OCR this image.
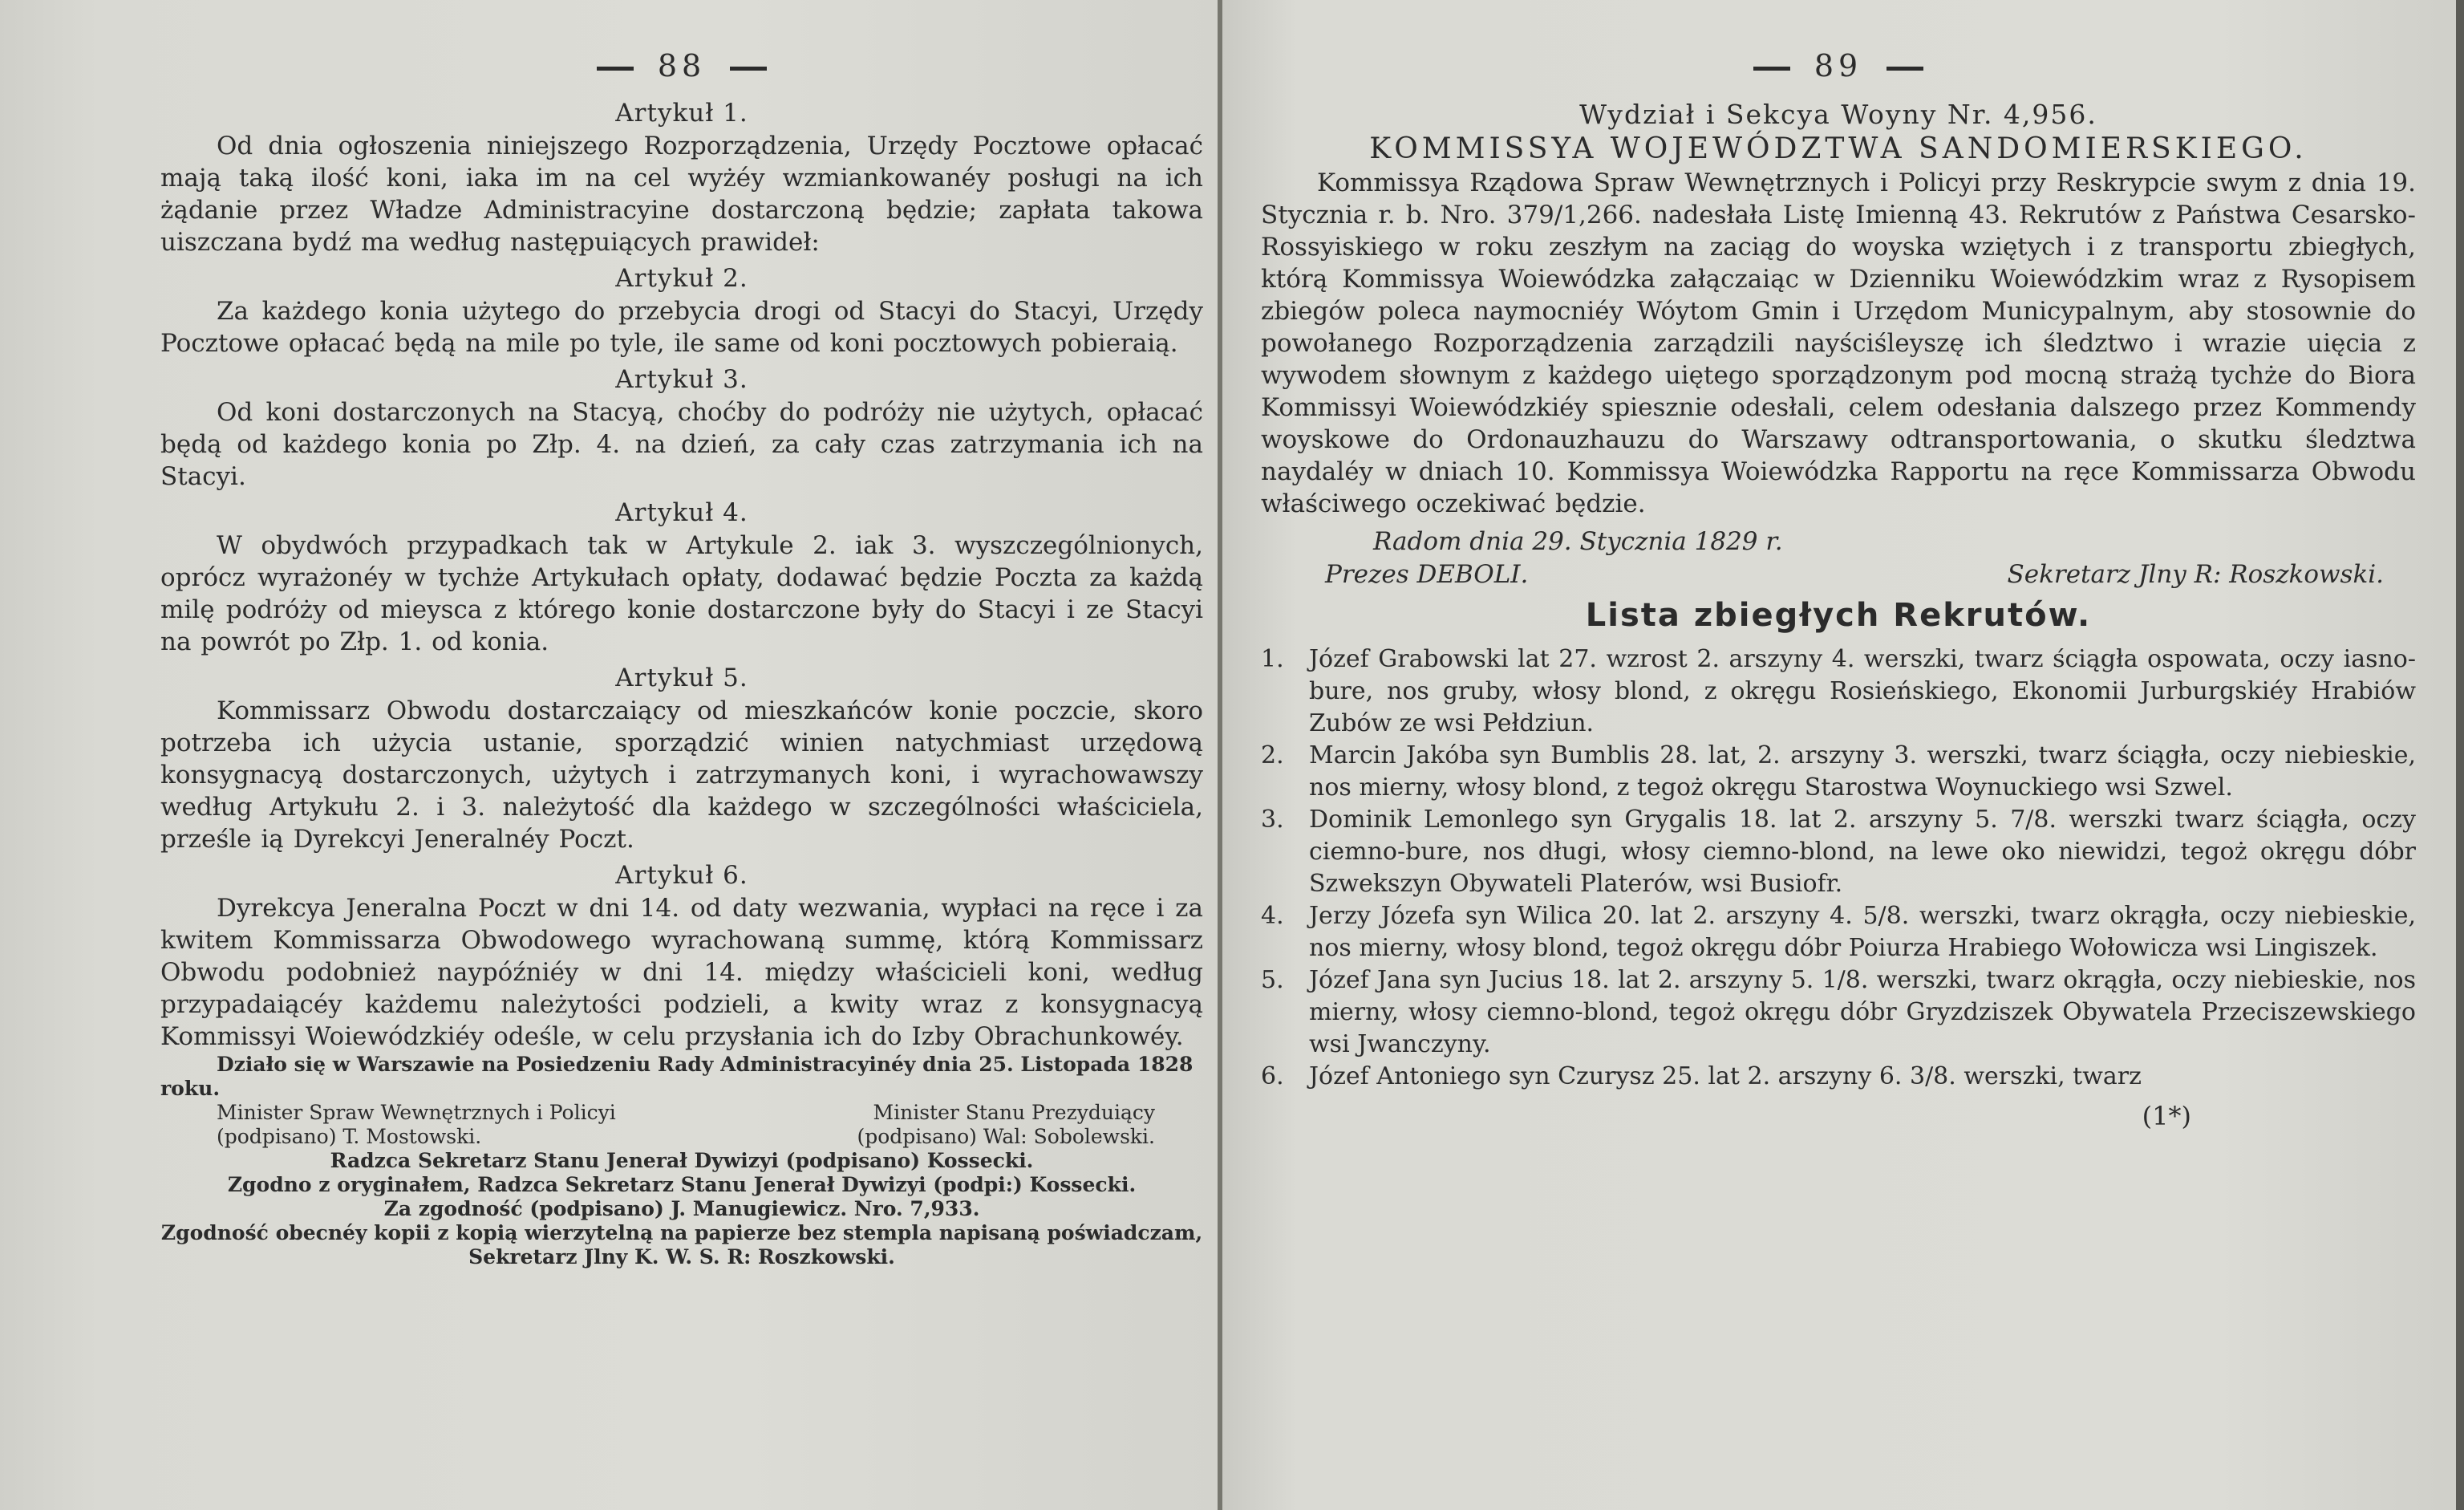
88
Artykuł 1.

Od dnia ogłoszenia niniejszego Rozporządzenia, Urzędy Pocztowe opłacać mają taką ilość koni, iaka im na cel wyżéy wzmiankowanéy posługi na ich żądanie przez Władze Administracyine dostarczoną będzie; zapłata takowa uiszczana bydź ma według następuiących prawideł:

Artykuł 2.

Za każdego konia użytego do przebycia drogi od Stacyi do Stacyi, Urzędy Pocztowe opłacać będą na mile po tyle, ile same od koni pocztowych pobieraią.

Artykuł 3.

Od koni dostarczonych na Stacyą, choćby do podróży nie użytych, opłacać będą od każdego konia po Złp. 4. na dzień, za cały czas zatrzymania ich na Stacyi.

Artykuł 4.

W obydwóch przypadkach tak w Artykule 2. iak 3. wyszczególnionych, oprócz wyrażonéy w tychże Artykułach opłaty, dodawać będzie Poczta za każdą milę podróży od mieysca z którego konie dostarczone były do Stacyi i ze Stacyi na powrót po Złp. 1. od konia.

Artykuł 5.

Kommissarz Obwodu dostarczaiący od mieszkańców konie poczcie, skoro potrzeba ich użycia ustanie, sporządzić winien natychmiast urzędową konsygnacyą dostarczonych, użytych i zatrzymanych koni, i wyrachowawszy według Artykułu 2. i 3. należytość dla każdego w szczególności właściciela, prześle ią Dyrekcyi Jeneralnéy Poczt.

Artykuł 6.

Dyrekcya Jeneralna Poczt w dni 14. od daty wezwania, wypłaci na ręce i za kwitem Kommissarza Obwodowego wyrachowaną summę, którą Kommissarz Obwodu podobnież naypóźniéy w dni 14. między właścicieli koni, według przypadaiącéy każdemu należytości podzieli, a kwity wraz z konsygnacyą Kommissyi Woiewódzkiéy odeśle, w celu przysłania ich do Izby Obrachunkowéy.

Działo się w Warszawie na Posiedzeniu Rady Administracyinéy dnia 25. Listopada 1828 roku.
Minister Spraw Wewnętrznych i Policyi	Minister Stanu Prezyduiący
(podpisano) T. Mostowski.	(podpisano) Wal: Sobolewski.
Radzca Sekretarz Stanu Jenerał Dywizyi (podpisano) Kossecki.
Zgodno z oryginałem, Radzca Sekretarz Stanu Jenerał Dywizyi (podpi:) Kossecki.
Za zgodność (podpisano) J. Manugiewicz. Nro. 7,933.
Zgodność obecnéy kopii z kopią wierzytelną na papierze bez stempla napisaną poświadczam, Sekretarz Jlny K. W. S. R: Roszkowski.
89
Wydział i Sekcya Woyny Nr. 4,956.
KOMMISSYA WOJEWÓDZTWA SANDOMIERSKIEGO.

Kommissya Rządowa Spraw Wewnętrznych i Policyi przy Reskrypcie swym z dnia 19. Stycznia r. b. Nro. 379/1,266. nadesłała Listę Imienną 43. Rekrutów z Państwa Cesarsko-Rossyiskiego w roku zeszłym na zaciąg do woyska wziętych i z transportu zbiegłych, którą Kommissya Woiewódzka załączaiąc w Dzienniku Woiewódzkim wraz z Rysopisem zbiegów poleca naymocniéy Wóytom Gmin i Urzędom Municypalnym, aby stosownie do powołanego Rozporządzenia zarządzili nayściśleyszę ich śledztwo i wrazie uięcia z wywodem słownym z każdego uiętego sporządzonym pod mocną strażą tychże do Biora Kommissyi Woiewódzkiéy spiesznie odesłali, celem odesłania dalszego przez Kommendy woyskowe do Ordonauzhauzu do Warszawy odtransportowania, o skutku śledztwa naydaléy w dniach 10. Kommissya Woiewódzka Rapportu na ręce Kommissarza Obwodu właściwego oczekiwać będzie.

Radom dnia 29. Stycznia 1829 r.
Prezes DEBOLI.	Sekretarz Jlny R: Roszkowski.
Lista zbiegłych Rekrutów.
1.	Józef Grabowski lat 27. wzrost 2. arszyny 4. werszki, twarz ściągła ospowata, oczy iasno-bure, nos gruby, włosy blond, z okręgu Rosieńskiego, Ekonomii Jurburgskiéy Hrabiów Zubów ze wsi Pełdziun.
2.	Marcin Jakóba syn Bumblis 28. lat, 2. arszyny 3. werszki, twarz ściągła, oczy niebieskie, nos mierny, włosy blond, z tegoż okręgu Starostwa Woynuckiego wsi Szwel.
3.	Dominik Lemonlego syn Grygalis 18. lat 2. arszyny 5. 7/8. werszki twarz ściągła, oczy ciemno-bure, nos długi, włosy ciemno-blond, na lewe oko niewidzi, tegoż okręgu dóbr Szwekszyn Obywateli Platerów, wsi Busiofr.
4.	Jerzy Józefa syn Wilica 20. lat 2. arszyny 4. 5/8. werszki, twarz okrągła, oczy niebieskie, nos mierny, włosy blond, tegoż okręgu dóbr Poiurza Hrabiego Wołowicza wsi Lingiszek.
5.	Józef Jana syn Jucius 18. lat 2. arszyny 5. 1/8. werszki, twarz okrągła, oczy niebieskie, nos mierny, włosy ciemno-blond, tegoż okręgu dóbr Gryzdziszek Obywatela Przeciszewskiego wsi Jwanczyny.
6.	Józef Antoniego syn Czurysz 25. lat 2. arszyny 6. 3/8. werszki, twarz
(1*)
